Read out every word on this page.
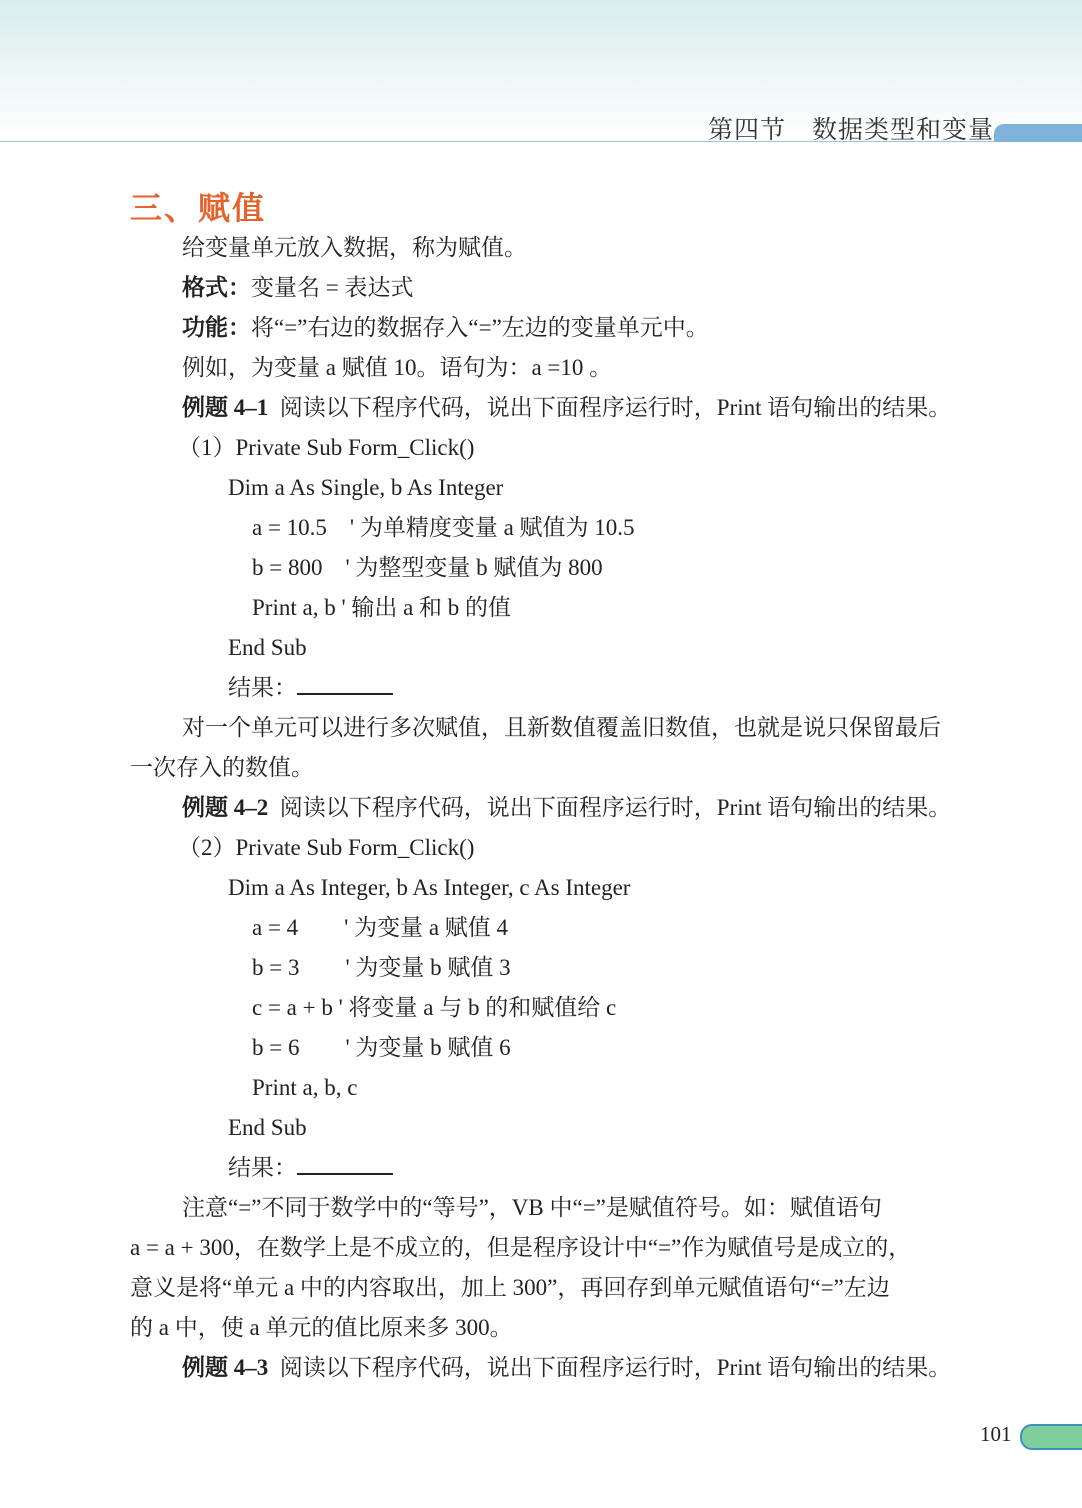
第四节　数据类型和变量
三、赋值
给变量单元放入数据，称为赋值。
格式：变量名 = 表达式
功能：将“=”右边的数据存入“=”左边的变量单元中。
例如，为变量 a 赋值 10。语句为：a =10 。
例题 4–1 阅读以下程序代码，说出下面程序运行时，Print 语句输出的结果。
（1）Private Sub Form_Click()
Dim a As Single, b As Integer
a = 10.5　' 为单精度变量 a 赋值为 10.5
b = 800　' 为整型变量 b 赋值为 800
Print a, b ' 输出 a 和 b 的值
End Sub
结果：
对一个单元可以进行多次赋值，且新数值覆盖旧数值，也就是说只保留最后
一次存入的数值。
例题 4–2 阅读以下程序代码，说出下面程序运行时，Print 语句输出的结果。
（2）Private Sub Form_Click()
Dim a As Integer, b As Integer, c As Integer
a = 4　　' 为变量 a 赋值 4
b = 3　　' 为变量 b 赋值 3
c = a + b ' 将变量 a 与 b 的和赋值给 c
b = 6　　' 为变量 b 赋值 6
Print a, b, c
End Sub
结果：
注意“=”不同于数学中的“等号”，VB 中“=”是赋值符号。如：赋值语句
a = a + 300，在数学上是不成立的，但是程序设计中“=”作为赋值号是成立的，
意义是将“单元 a 中的内容取出，加上 300”，再回存到单元赋值语句“=”左边
的 a 中，使 a 单元的值比原来多 300。
例题 4–3 阅读以下程序代码，说出下面程序运行时，Print 语句输出的结果。
101
